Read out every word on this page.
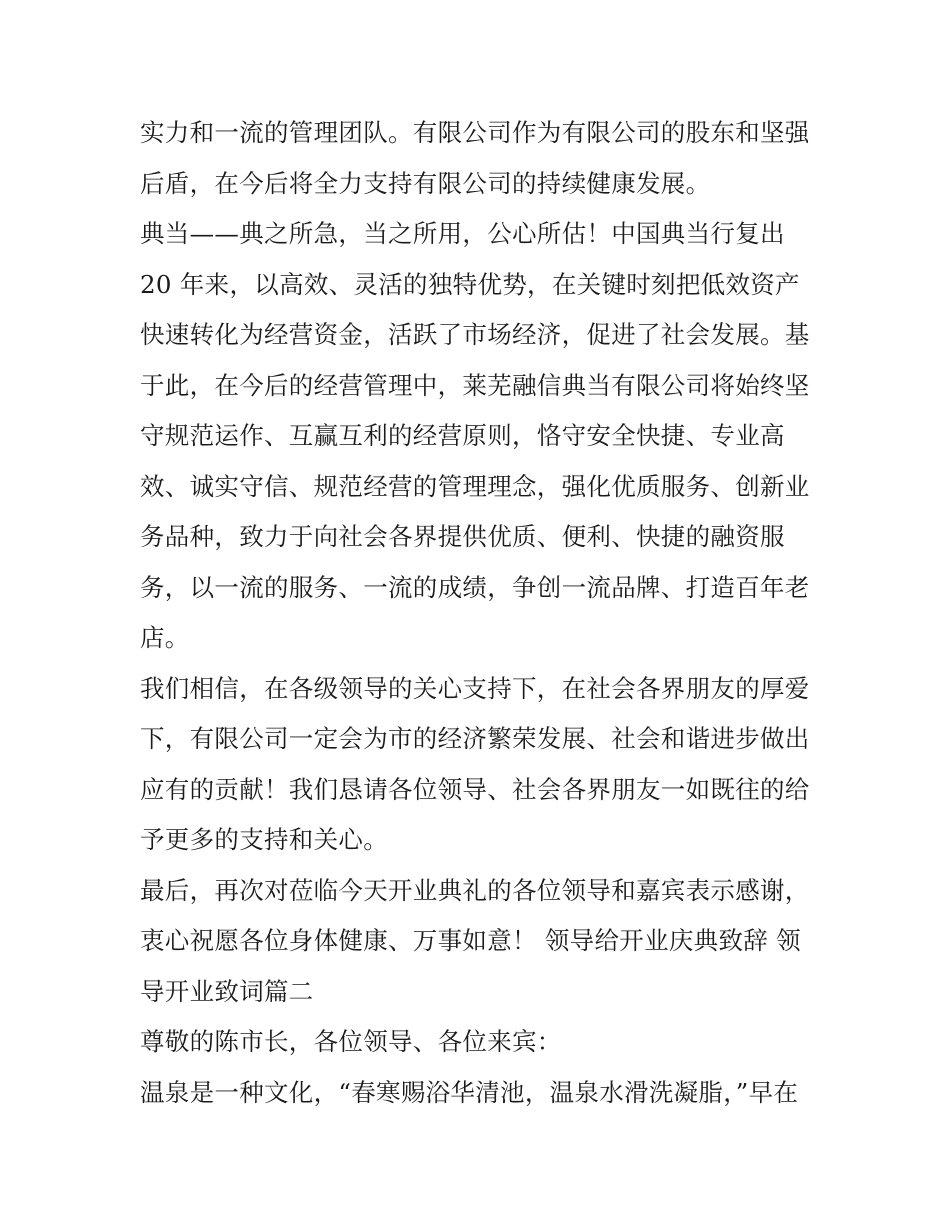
实力和一流的管理团队。有限公司作为有限公司的股东和坚强
后盾，在今后将全力支持有限公司的持续健康发展。
典当——典之所急，当之所用，公心所估！中国典当行复出
20 年来，以高效、灵活的独特优势，在关键时刻把低效资产
快速转化为经营资金，活跃了市场经济，促进了社会发展。基
于此，在今后的经营管理中，莱芜融信典当有限公司将始终坚
守规范运作、互赢互利的经营原则，恪守安全快捷、专业高
效、诚实守信、规范经营的管理理念，强化优质服务、创新业
务品种，致力于向社会各界提供优质、便利、快捷的融资服
务，以一流的服务、一流的成绩，争创一流品牌、打造百年老
店。
我们相信，在各级领导的关心支持下，在社会各界朋友的厚爱
下，有限公司一定会为市的经济繁荣发展、社会和谐进步做出
应有的贡献！我们恳请各位领导、社会各界朋友一如既往的给
予更多的支持和关心。
最后，再次对莅临今天开业典礼的各位领导和嘉宾表示感谢，
衷心祝愿各位身体健康、万事如意！ 领导给开业庆典致辞 领
导开业致词篇二
尊敬的陈市长，各位领导、各位来宾：
温泉是一种文化，“春寒赐浴华清池，温泉水滑洗凝脂，”早在
